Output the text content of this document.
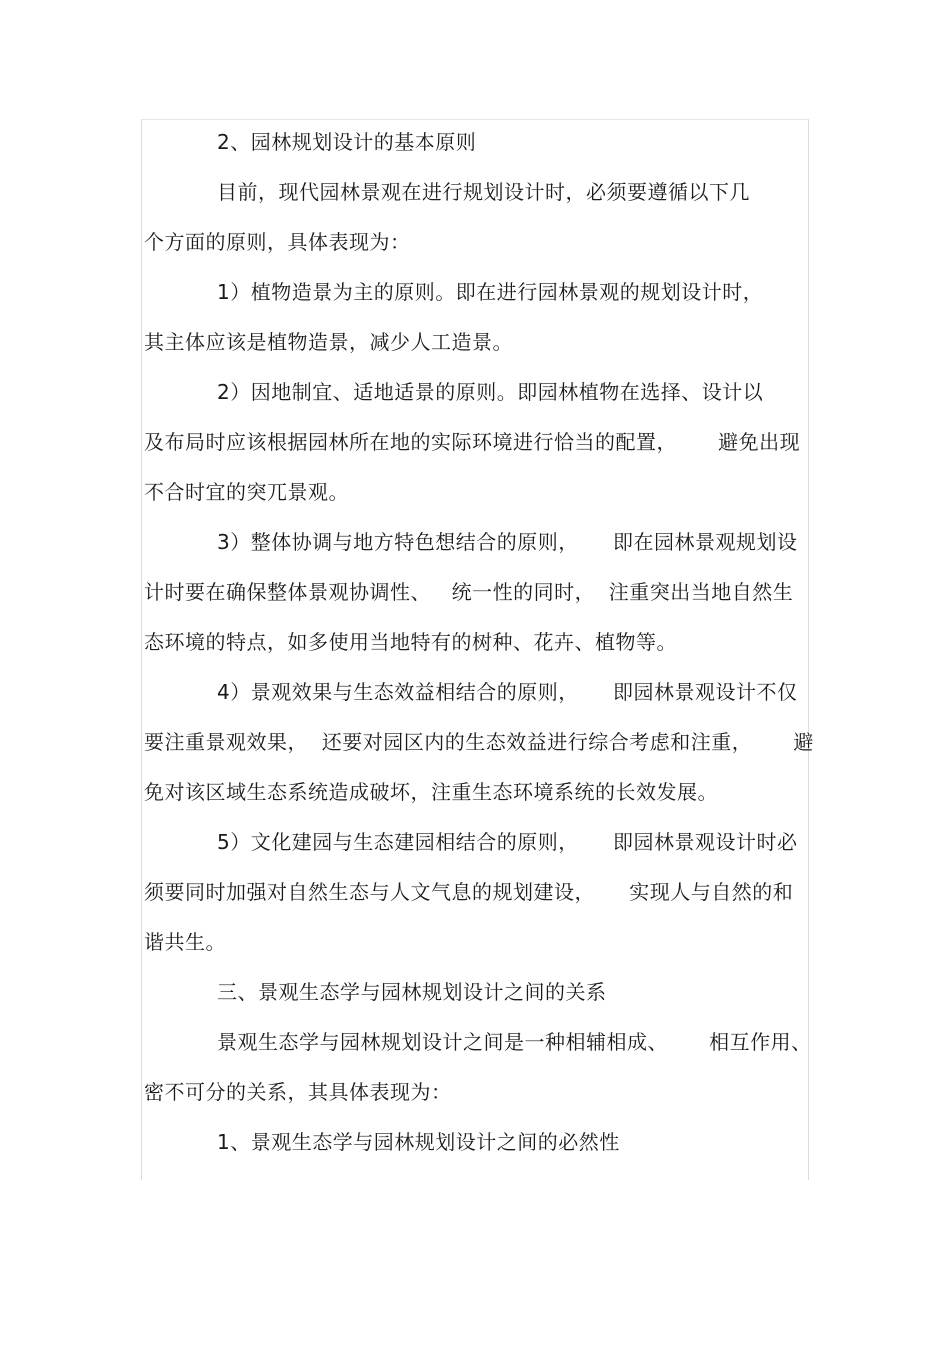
2、园林规划设计的基本原则
目前，现代园林景观在进行规划设计时，必须要遵循以下几
个方面的原则，具体表现为：
1）植物造景为主的原则。即在进行园林景观的规划设计时，
其主体应该是植物造景，减少人工造景。
2）因地制宜、适地适景的原则。即园林植物在选择、设计以
及布局时应该根据园林所在地的实际环境进行恰当的配置，      避免出现
不合时宜的突兀景观。
3）整体协调与地方特色想结合的原则，     即在园林景观规划设
计时要在确保整体景观协调性、   统一性的同时，  注重突出当地自然生
态环境的特点，如多使用当地特有的树种、花卉、植物等。
4）景观效果与生态效益相结合的原则，     即园林景观设计不仅
要注重景观效果，  还要对园区内的生态效益进行综合考虑和注重，      避
免对该区域生态系统造成破坏，注重生态环境系统的长效发展。
5）文化建园与生态建园相结合的原则，     即园林景观设计时必
须要同时加强对自然生态与人文气息的规划建设，     实现人与自然的和
谐共生。
三、景观生态学与园林规划设计之间的关系
景观生态学与园林规划设计之间是一种相辅相成、      相互作用、
密不可分的关系，其具体表现为：
1、景观生态学与园林规划设计之间的必然性
